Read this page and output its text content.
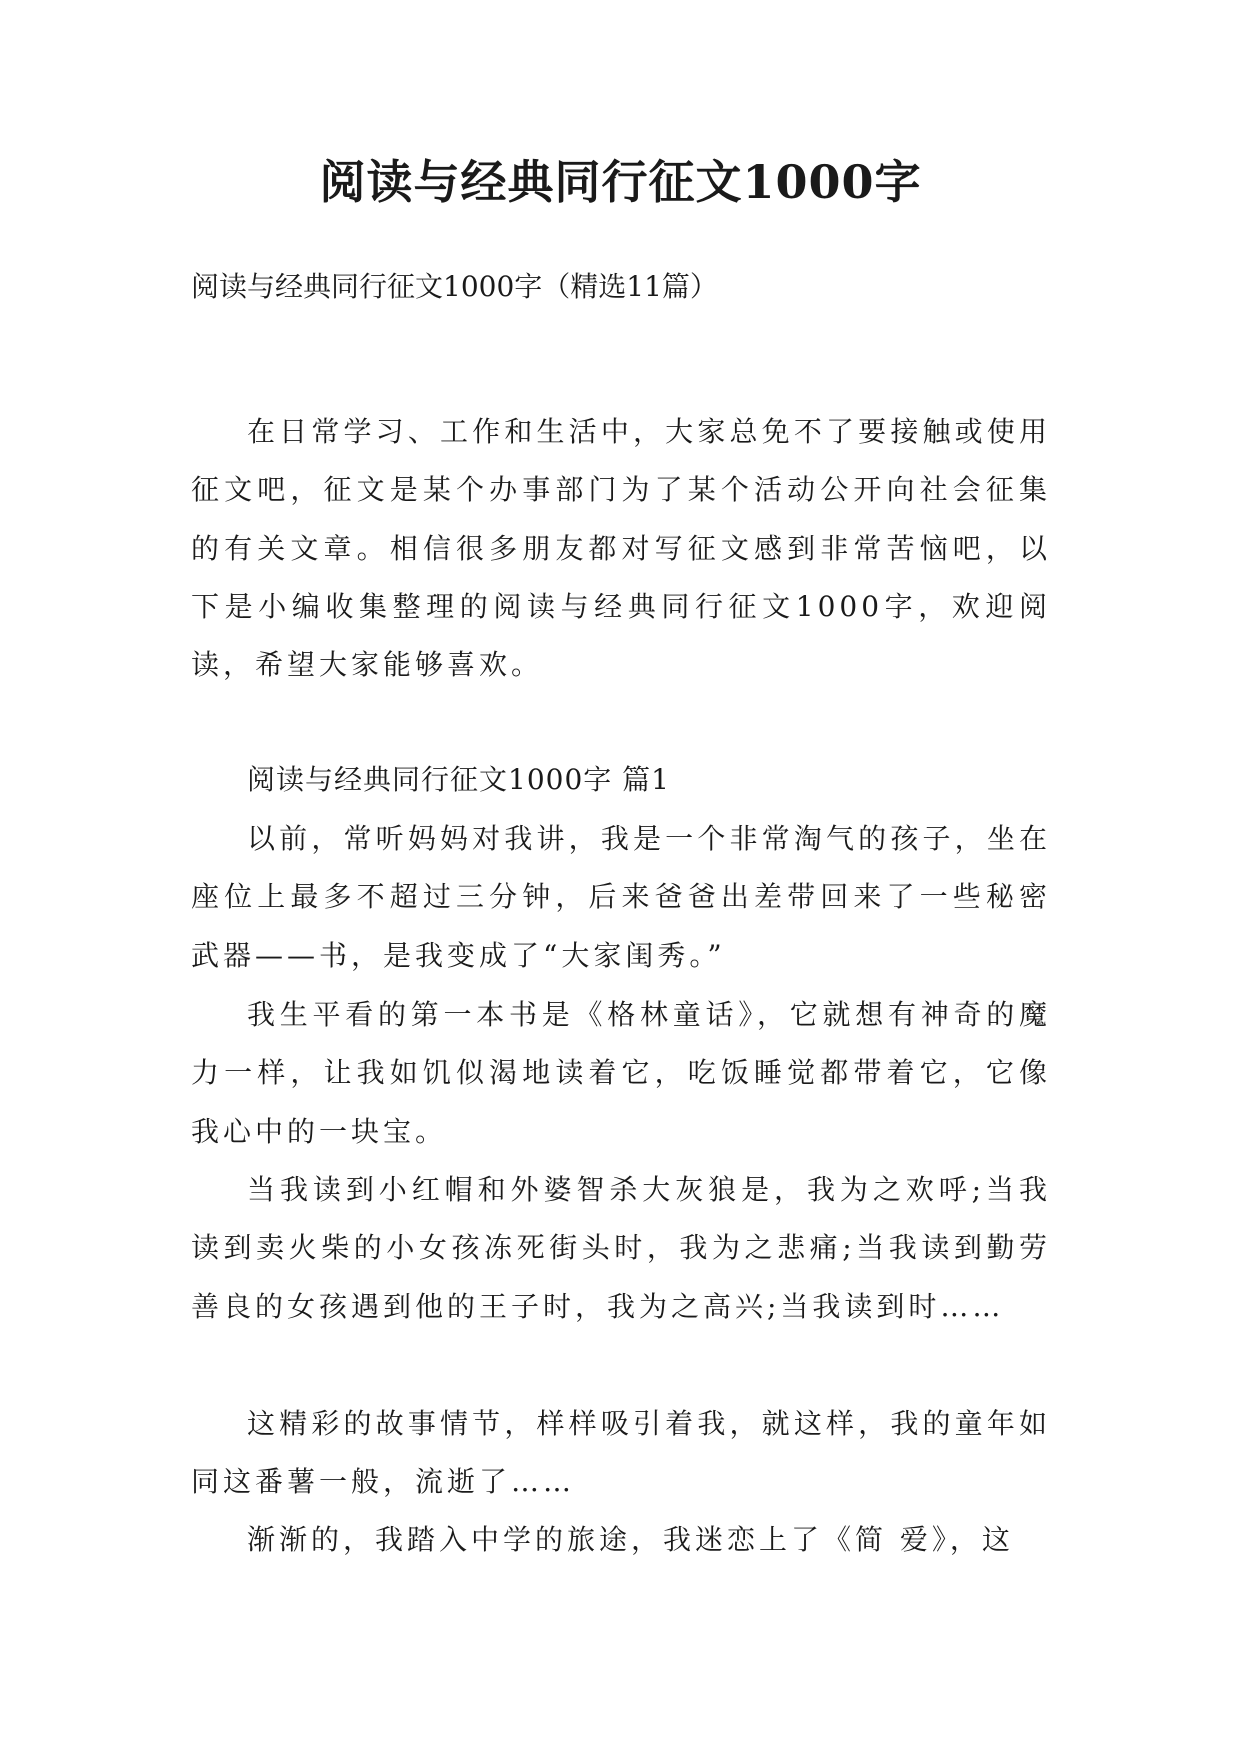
阅读与经典同行征文1000字

阅读与经典同行征文1000字（精选11篇）

在日常学习、工作和生活中，大家总免不了要接触或使用征文吧，征文是某个办事部门为了某个活动公开向社会征集的有关文章。相信很多朋友都对写征文感到非常苦恼吧，以下是小编收集整理的阅读与经典同行征文1000字，欢迎阅读，希望大家能够喜欢。

阅读与经典同行征文1000字 篇1

以前，常听妈妈对我讲，我是一个非常淘气的孩子，坐在座位上最多不超过三分钟，后来爸爸出差带回来了一些秘密武器——书，是我变成了“大家闺秀。”

我生平看的第一本书是《格林童话》，它就想有神奇的魔力一样，让我如饥似渴地读着它，吃饭睡觉都带着它，它像我心中的一块宝。

当我读到小红帽和外婆智杀大灰狼是，我为之欢呼;当我读到卖火柴的小女孩冻死街头时，我为之悲痛;当我读到勤劳善良的女孩遇到他的王子时，我为之高兴;当我读到时……

这精彩的故事情节，样样吸引着我，就这样，我的童年如同这番薯一般，流逝了……

渐渐的，我踏入中学的旅途，我迷恋上了《简 爱》，这
